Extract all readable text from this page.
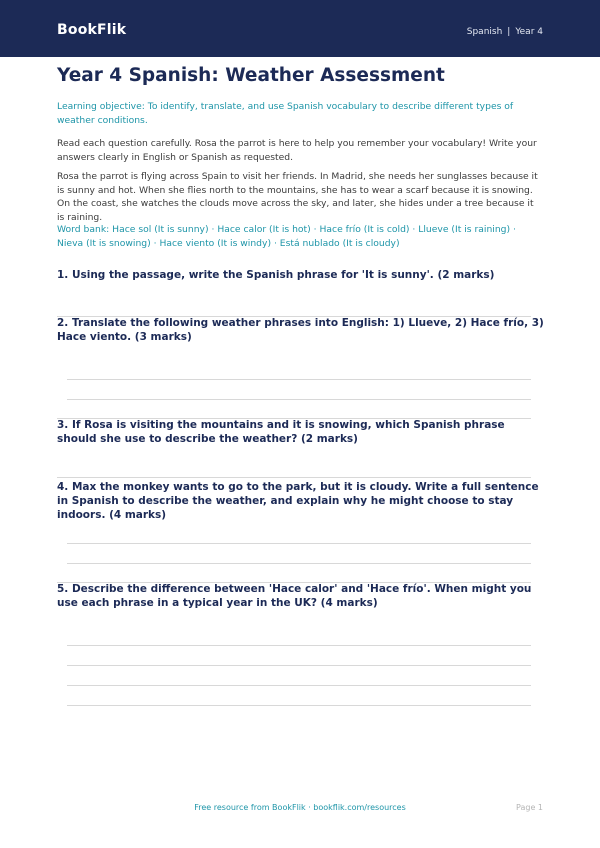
BookFlik	Spanish | Year 4
Year 4 Spanish: Weather Assessment

Learning objective: To identify, translate, and use Spanish vocabulary to describe different types of weather conditions.

Read each question carefully. Rosa the parrot is here to help you remember your vocabulary! Write your answers clearly in English or Spanish as requested.

Rosa the parrot is flying across Spain to visit her friends. In Madrid, she needs her sunglasses because it is sunny and hot. When she flies north to the mountains, she has to wear a scarf because it is snowing. On the coast, she watches the clouds move across the sky, and later, she hides under a tree because it is raining.

Word bank: Hace sol (It is sunny) · Hace calor (It is hot) · Hace frío (It is cold) · Llueve (It is raining) · Nieva (It is snowing) · Hace viento (It is windy) · Está nublado (It is cloudy)

1. Using the passage, write the Spanish phrase for 'It is sunny'. (2 marks)

2. Translate the following weather phrases into English: 1) Llueve, 2) Hace frío, 3) Hace viento. (3 marks)

3. If Rosa is visiting the mountains and it is snowing, which Spanish phrase should she use to describe the weather? (2 marks)

4. Max the monkey wants to go to the park, but it is cloudy. Write a full sentence in Spanish to describe the weather, and explain why he might choose to stay indoors. (4 marks)

5. Describe the difference between 'Hace calor' and 'Hace frío'. When might you use each phrase in a typical year in the UK? (4 marks)

Free resource from BookFlik · bookflik.com/resources	Page 1
